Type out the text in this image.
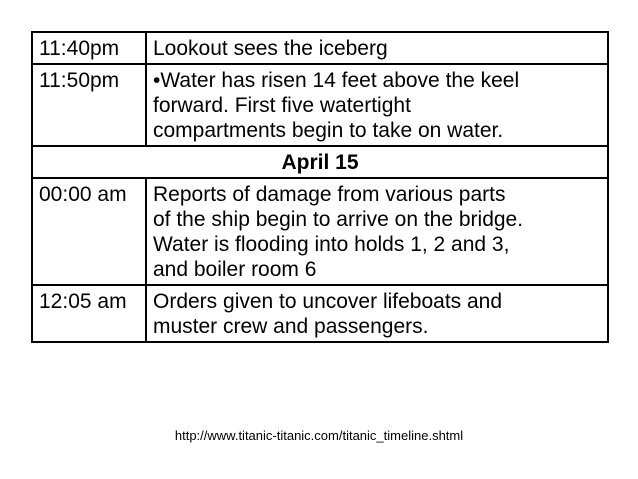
11:40pm	Lookout sees the iceberg
11:50pm	•Water has risen 14 feet above the keel
forward. First five watertight
compartments begin to take on water.
April 15	
00:00 am	Reports of damage from various parts
of the ship begin to arrive on the bridge.
Water is flooding into holds 1, 2 and 3,
and boiler room 6
12:05 am	Orders given to uncover lifeboats and
muster crew and passengers.
http://www.titanic-titanic.com/titanic_timeline.shtml
